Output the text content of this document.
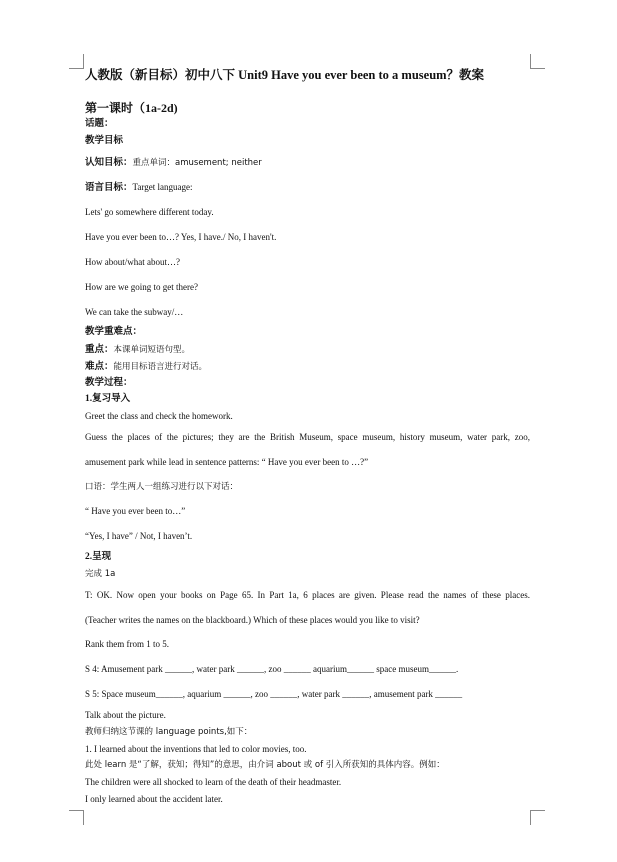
人教版（新目标）初中八下 Unit9 Have you ever been to a museum？教案
第一课时（1a-2d)
话题：
教学目标
认知目标：重点单词：amusement; neither
语言目标：Target language:
Lets' go somewhere different today.
Have you ever been to…? Yes, I have./ No, I haven't.
How about/what about…?
How are we going to get there?
We can take the subway/…
教学重难点：
重点：本课单词短语句型。
难点：能用目标语言进行对话。
教学过程：
1.复习导入
Greet the class and check the homework.
Guess the places of the pictures; they are the British Museum, space museum, history museum, water park, zoo,
amusement park while lead in sentence patterns: “ Have you ever been to …?”
口语：学生两人一组练习进行以下对话：
“ Have you ever been to…”
“Yes, I have” / Not, I haven’t.
2.呈现
完成 1a
T: OK. Now open your books on Page 65. In Part 1a, 6 places are given. Please read the names of these places.
(Teacher writes the names on the blackboard.) Which of these places would you like to visit?
Rank them from 1 to 5.
S 4: Amusement park ______, water park ______, zoo ______ aquarium______ space museum______.
S 5: Space museum______, aquarium ______, zoo ______, water park ______, amusement park ______
Talk about the picture.
教师归纳这节课的 language points,如下：
1. I learned about the inventions that led to color movies, too.
此处 learn 是“了解，获知；得知”的意思，由介词 about 或 of 引入所获知的具体内容。例如：
The children were all shocked to learn of the death of their headmaster.
I only learned about the accident later.
